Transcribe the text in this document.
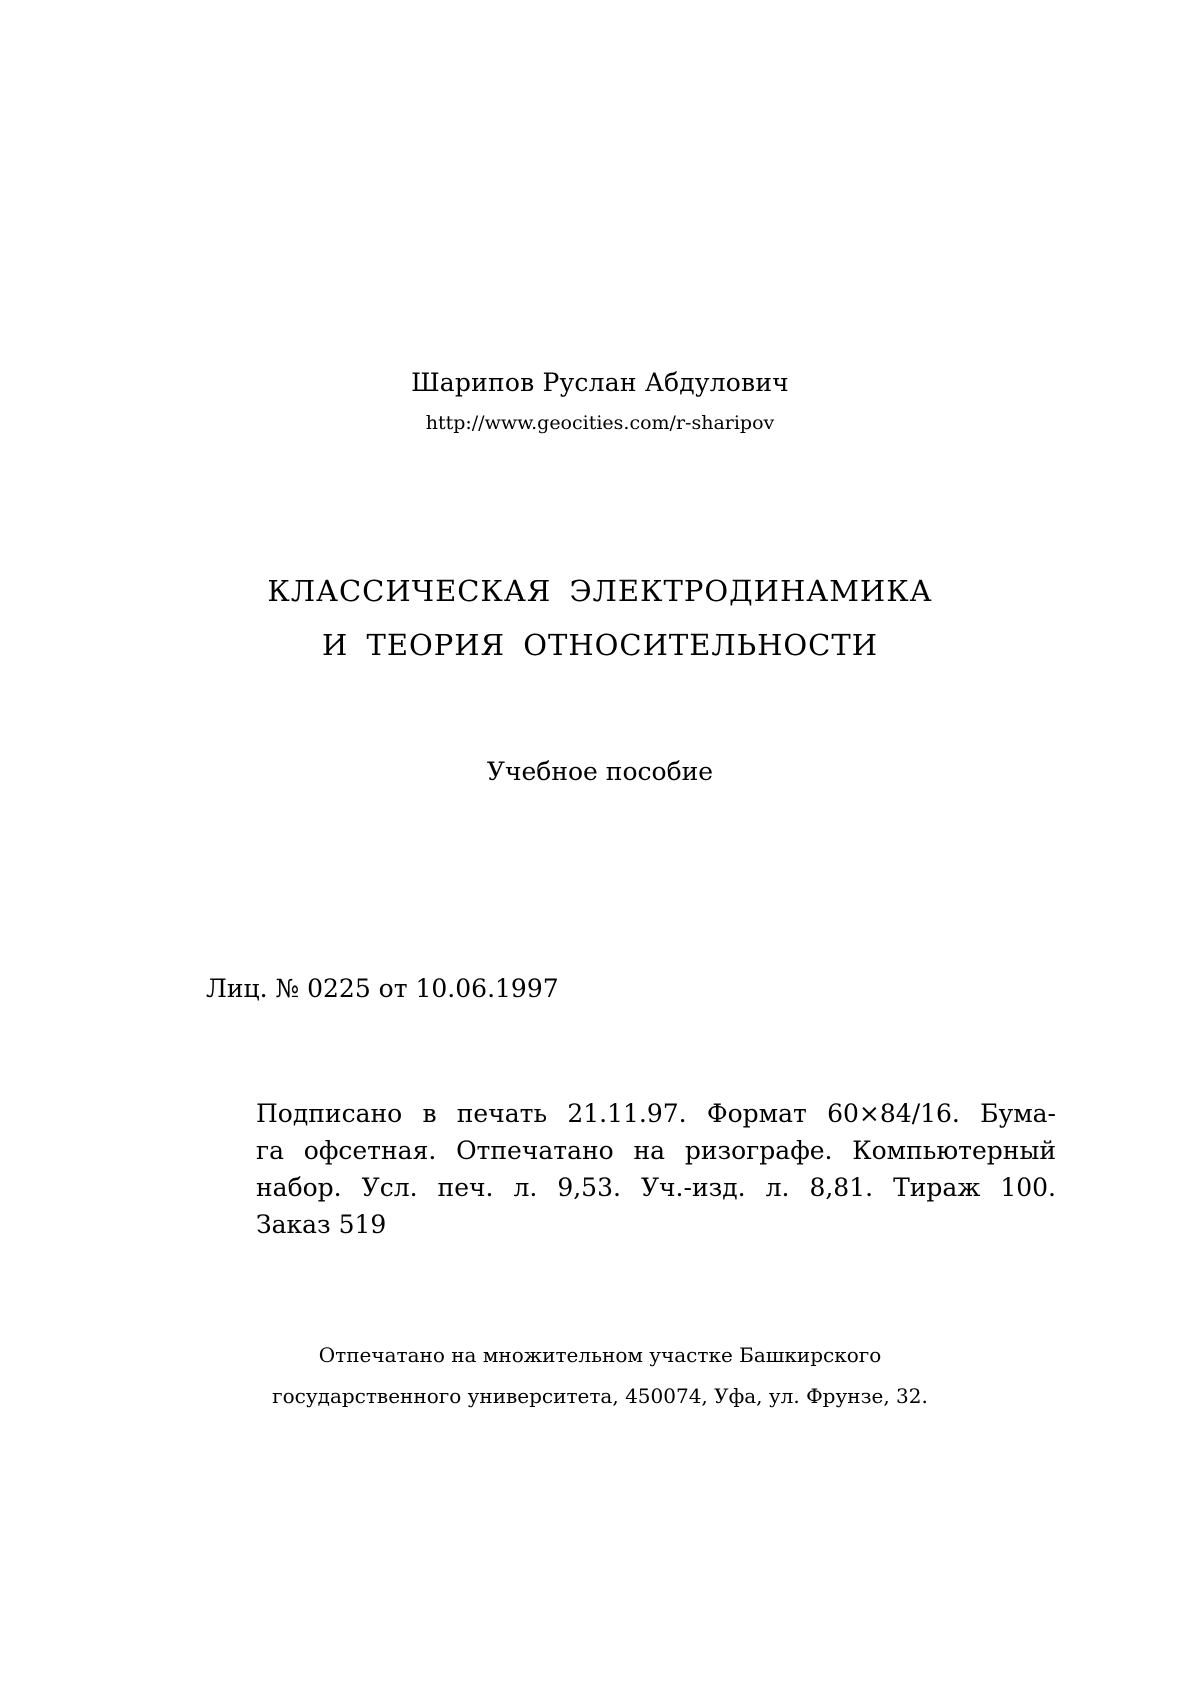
Шарипов Руслан Абдулович
http://www.geocities.com/r-sharipov
КЛАССИЧЕСКАЯ ЭЛЕКТРОДИНАМИКА
И ТЕОРИЯ ОТНОСИТЕЛЬНОСТИ
Учебное пособие
Лиц. № 0225 от 10.06.1997
Подписано в печать 21.11.97. Формат 60×84/16. Бума-
га офсетная. Отпечатано на ризографе. Компьютерный
набор. Усл. печ. л. 9,53. Уч.-изд. л. 8,81. Тираж 100.
Заказ 519
Отпечатано на множительном участке Башкирского
государственного университета, 450074, Уфа, ул. Фрунзе, 32.
